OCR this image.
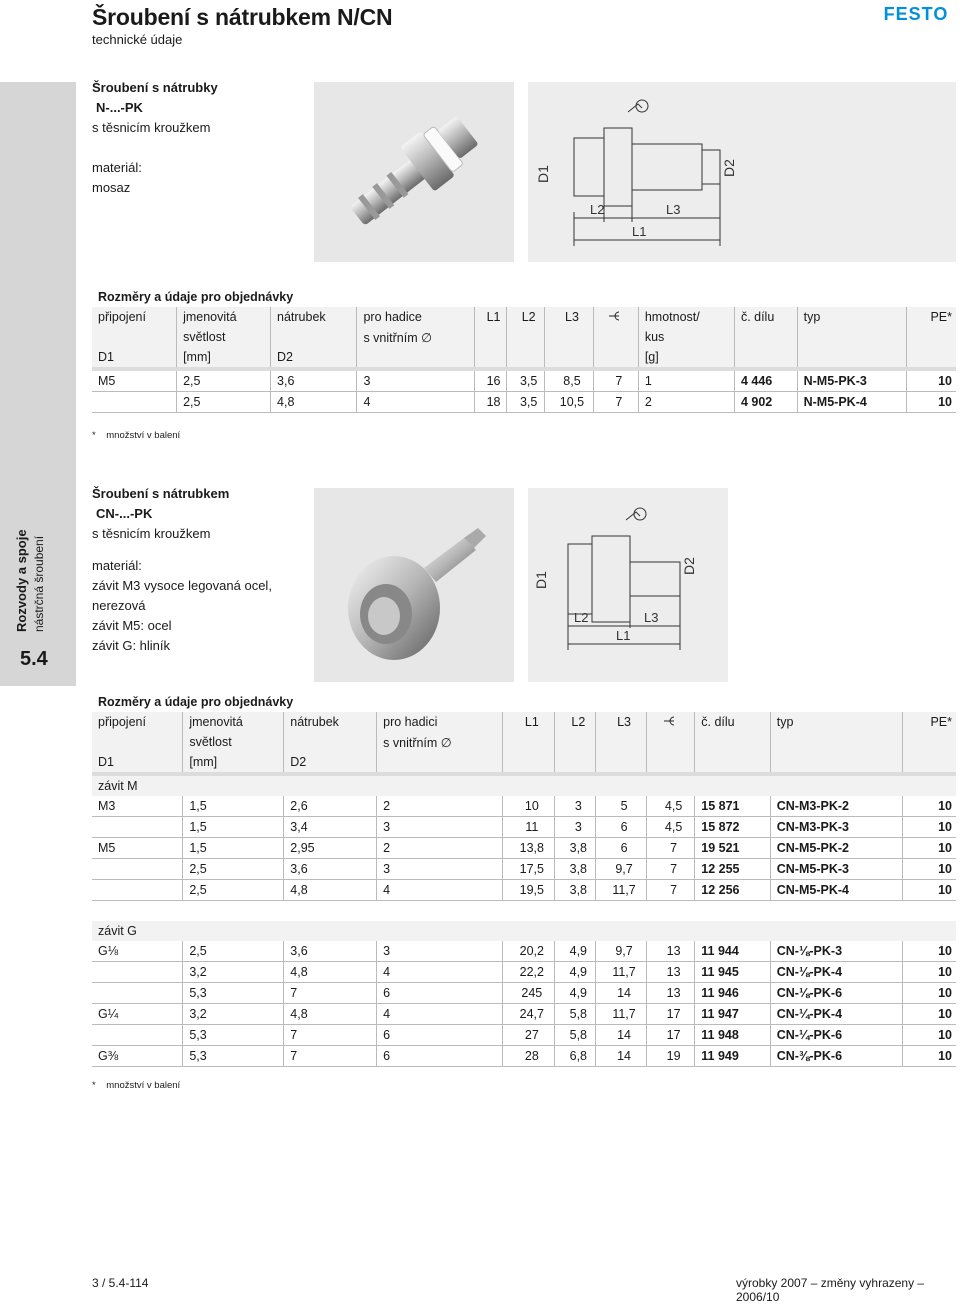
Šroubení s nátrubkem N/CN
technické údaje
FESTO
Rozvody a spoje nástrčná šroubení
5.4
Šroubení s nátrubky
N-...-PK
s těsnicím kroužkem
materiál:
mosaz
D1	D2
L2	L3
L1
Rozměry a údaje pro objednávky											
připojení	jmenovitá	nátrubek	pro hadice	L1	L2	L3		hmotnost/	č. dílu	typ	PE*
	světlost		s vnitřním ∅					kus			
D1	[mm]	D2						[g]			

M5	2,5	3,6	3	16	3,5	8,5	7	1	4 446	N-M5-PK-3	10
	2,5	4,8	4	18	3,5	10,5	7	2	4 902	N-M5-PK-4	10
* množství v balení
Šroubení s nátrubkem
CN-...-PK
s těsnicím kroužkem
materiál:
závit M3 vysoce legovaná ocel,
nerezová
závit M5: ocel
závit G: hliník
D1
D2
L2	L3
L1
Rozměry a údaje pro objednávky										
připojení	jmenovitá	nátrubek	pro hadici	L1	L2	L3		č. dílu	typ	PE*
	světlost		s vnitřním ∅							
D1	[mm]	D2								

závit M										
M3	1,5	2,6	2	10	3	5	4,5	15 871	CN-M3-PK-2	10
	1,5	3,4	3	11	3	6	4,5	15 872	CN-M3-PK-3	10
M5	1,5	2,95	2	13,8	3,8	6	7	19 521	CN-M5-PK-2	10
	2,5	3,6	3	17,5	3,8	9,7	7	12 255	CN-M5-PK-3	10
	2,5	4,8	4	19,5	3,8	11,7	7	12 256	CN-M5-PK-4	10

závit G										
G⅛	2,5	3,6	3	20,2	4,9	9,7	13	11 944	CN-⅛-PK-3	10
	3,2	4,8	4	22,2	4,9	11,7	13	11 945	CN-⅛-PK-4	10
	5,3	7	6	245	4,9	14	13	11 946	CN-⅛-PK-6	10
G¼	3,2	4,8	4	24,7	5,8	11,7	17	11 947	CN-¼-PK-4	10
	5,3	7	6	27	5,8	14	17	11 948	CN-¼-PK-6	10
G⅜	5,3	7	6	28	6,8	14	19	11 949	CN-⅜-PK-6	10
* množství v balení
3 / 5.4-114	výrobky 2007 – změny vyhrazeny – 2006/10
